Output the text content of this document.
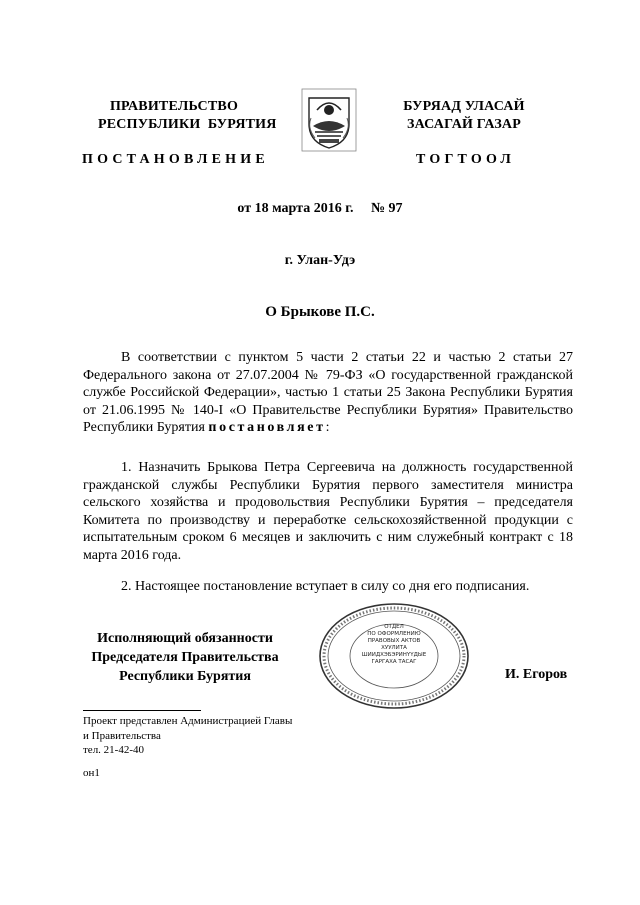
ПРАВИТЕЛЬСТВО
РЕСПУБЛИКИ  БУРЯТИЯ
БУРЯАД УЛАСАЙ
ЗАСАГАЙ ГАЗАР
ПОСТАНОВЛЕНИЕ	ТОГТООЛ
от 18 марта 2016 г.     № 97
г. Улан-Удэ
О Брыкове П.С.
В соответствии с пунктом 5 части 2 статьи 22 и частью 2 статьи 27 Федерального закона от 27.07.2004 № 79-ФЗ «О государственной гражданской службе Российской Федерации», частью 1 статьи 25 Закона Республики Бурятия от 21.06.1995 № 140-I «О Правительстве Республики Бурятия» Правительство Республики Бурятия постановляет:
1. Назначить Брыкова Петра Сергеевича на должность государственной гражданской службы Республики Бурятия первого заместителя министра сельского хозяйства и продовольствия Республики Бурятия – председателя Комитета по производству и переработке сельскохозяйственной продукции с испытательным сроком 6 месяцев и заключить с ним служебный контракт с 18 марта 2016 года.
2. Настоящее постановление вступает в силу со дня его подписания.
Исполняющий обязанности
Председателя Правительства
Республики Бурятия
ОТДЕЛ
ПО ОФОРМЛЕНИЮ
ПРАВОВЫХ АКТОВ
ХУУЛИТА
ШИИДХЭБЭРИНҮҮДЫЕ
ГАРГАХА ТАСАГ
И. Егоров
Проект представлен Администрацией Главы
и Правительства
тел. 21-42-40
он1
